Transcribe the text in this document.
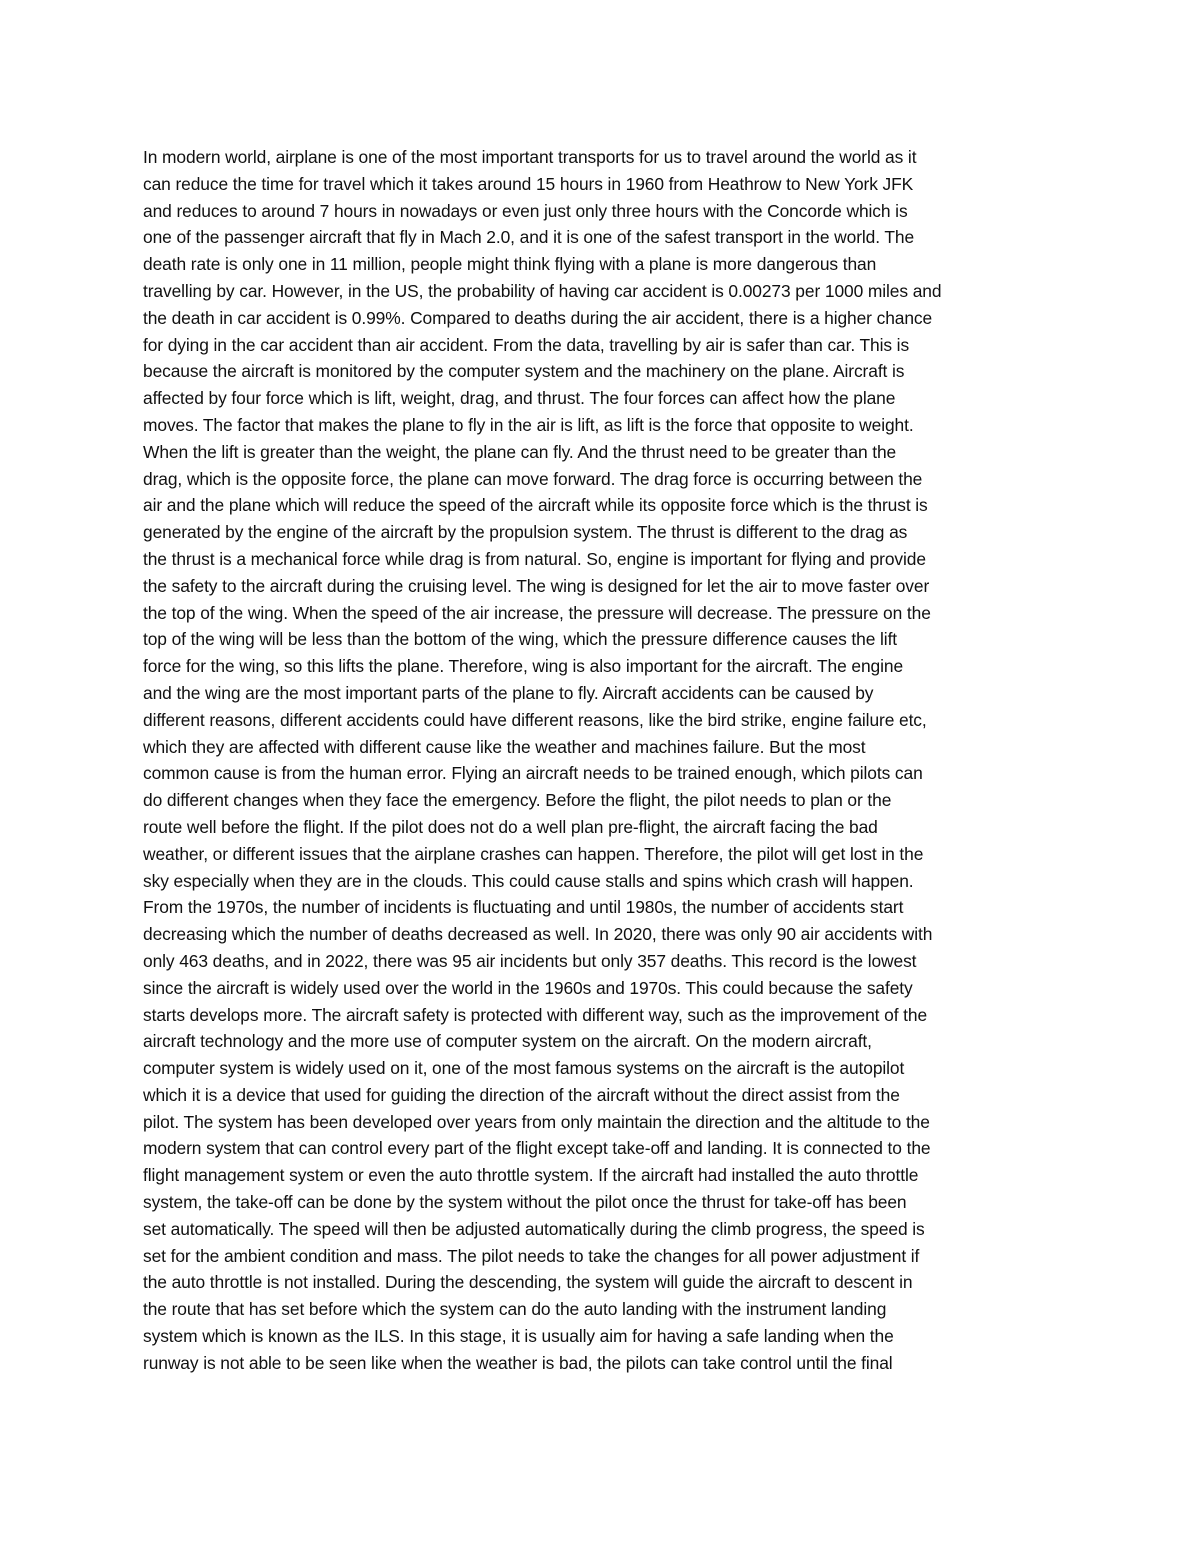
In modern world, airplane is one of the most important transports for us to travel around the world as it
can reduce the time for travel which it takes around 15 hours in 1960 from Heathrow to New York JFK
and reduces to around 7 hours in nowadays or even just only three hours with the Concorde which is
one of the passenger aircraft that fly in Mach 2.0, and it is one of the safest transport in the world. The
death rate is only one in 11 million, people might think flying with a plane is more dangerous than
travelling by car. However, in the US, the probability of having car accident is 0.00273 per 1000 miles and
the death in car accident is 0.99%. Compared to deaths during the air accident, there is a higher chance
for dying in the car accident than air accident. From the data, travelling by air is safer than car. This is
because the aircraft is monitored by the computer system and the machinery on the plane. Aircraft is
affected by four force which is lift, weight, drag, and thrust. The four forces can affect how the plane
moves. The factor that makes the plane to fly in the air is lift, as lift is the force that opposite to weight.
When the lift is greater than the weight, the plane can fly. And the thrust need to be greater than the
drag, which is the opposite force, the plane can move forward. The drag force is occurring between the
air and the plane which will reduce the speed of the aircraft while its opposite force which is the thrust is
generated by the engine of the aircraft by the propulsion system. The thrust is different to the drag as
the thrust is a mechanical force while drag is from natural. So, engine is important for flying and provide
the safety to the aircraft during the cruising level. The wing is designed for let the air to move faster over
the top of the wing. When the speed of the air increase, the pressure will decrease. The pressure on the
top of the wing will be less than the bottom of the wing, which the pressure difference causes the lift
force for the wing, so this lifts the plane. Therefore, wing is also important for the aircraft. The engine
and the wing are the most important parts of the plane to fly. Aircraft accidents can be caused by
different reasons, different accidents could have different reasons, like the bird strike, engine failure etc,
which they are affected with different cause like the weather and machines failure. But the most
common cause is from the human error. Flying an aircraft needs to be trained enough, which pilots can
do different changes when they face the emergency. Before the flight, the pilot needs to plan or the
route well before the flight. If the pilot does not do a well plan pre-flight, the aircraft facing the bad
weather, or different issues that the airplane crashes can happen. Therefore, the pilot will get lost in the
sky especially when they are in the clouds. This could cause stalls and spins which crash will happen.
From the 1970s, the number of incidents is fluctuating and until 1980s, the number of accidents start
decreasing which the number of deaths decreased as well. In 2020, there was only 90 air accidents with
only 463 deaths, and in 2022, there was 95 air incidents but only 357 deaths. This record is the lowest
since the aircraft is widely used over the world in the 1960s and 1970s. This could because the safety
starts develops more. The aircraft safety is protected with different way, such as the improvement of the
aircraft technology and the more use of computer system on the aircraft. On the modern aircraft,
computer system is widely used on it, one of the most famous systems on the aircraft is the autopilot
which it is a device that used for guiding the direction of the aircraft without the direct assist from the
pilot. The system has been developed over years from only maintain the direction and the altitude to the
modern system that can control every part of the flight except take-off and landing. It is connected to the
flight management system or even the auto throttle system. If the aircraft had installed the auto throttle
system, the take-off can be done by the system without the pilot once the thrust for take-off has been
set automatically. The speed will then be adjusted automatically during the climb progress, the speed is
set for the ambient condition and mass. The pilot needs to take the changes for all power adjustment if
the auto throttle is not installed. During the descending, the system will guide the aircraft to descent in
the route that has set before which the system can do the auto landing with the instrument landing
system which is known as the ILS. In this stage, it is usually aim for having a safe landing when the
runway is not able to be seen like when the weather is bad, the pilots can take control until the final
